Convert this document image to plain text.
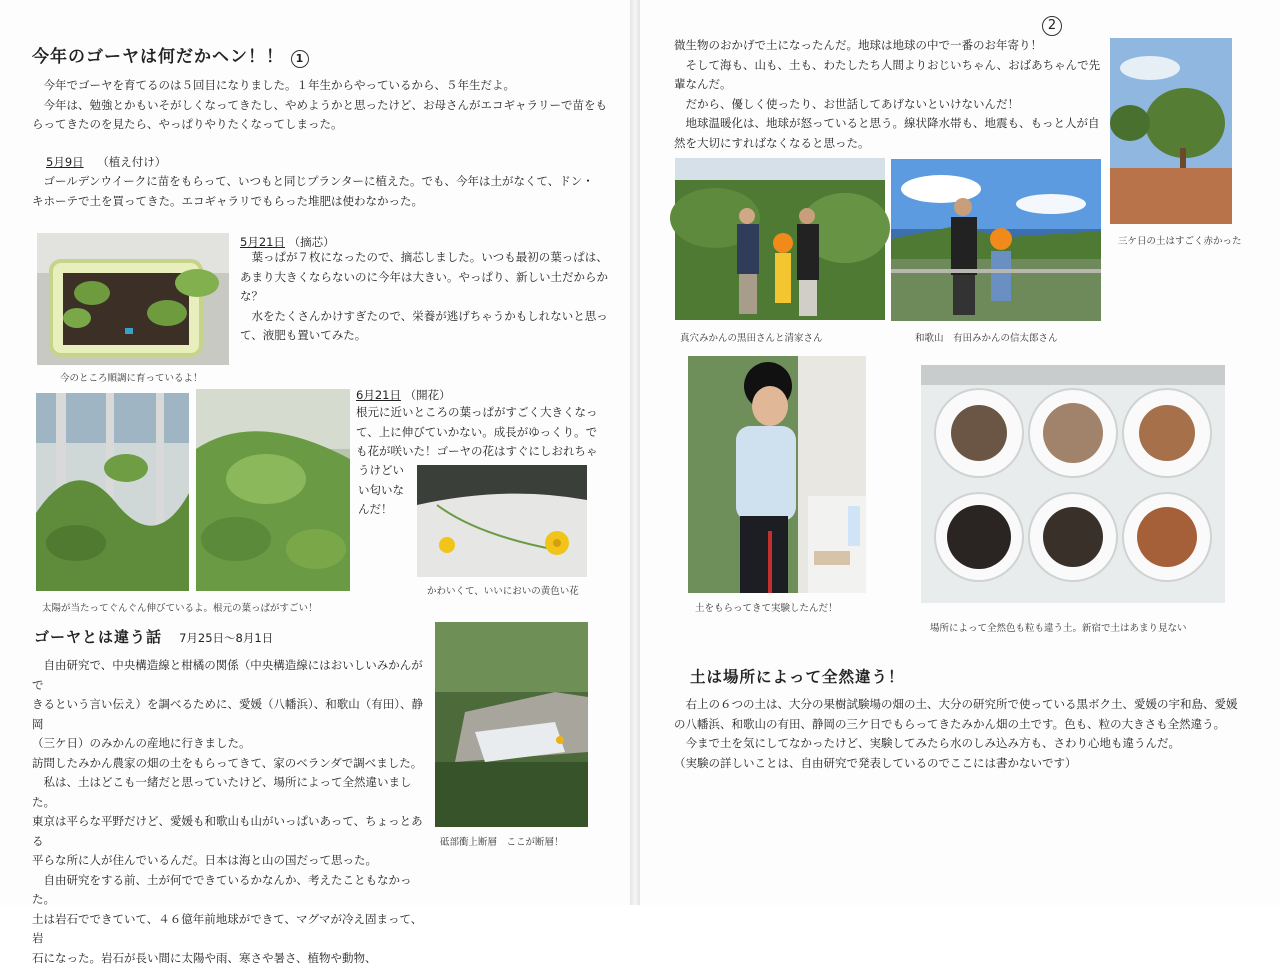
今年のゴーヤは何だかヘン！！ 1
　今年でゴーヤを育てるのは５回目になりました。１年生からやっているから、５年生だよ。
　今年は、勉強とかもいそがしくなってきたし、やめようかと思ったけど、お母さんがエコギャラリーで苗をも
らってきたのを見たら、やっぱりやりたくなってしまった。
5月9日 （植え付け）
　ゴールデンウイークに苗をもらって、いつもと同じプランターに植えた。でも、今年は土がなくて、ドン・
キホーテで土を買ってきた。エコギャラリでもらった堆肥は使わなかった。
今のところ順調に育っているよ！
5月21日 （摘芯）
　葉っぱが７枚になったので、摘芯しました。いつも最初の葉っぱは、
あまり大きくならないのに今年は大きい。やっぱり、新しい土だからか
な？
　水をたくさんかけすぎたので、栄養が逃げちゃうかもしれないと思っ
て、液肥も置いてみた。
太陽が当たってぐんぐん伸びているよ。根元の葉っぱがすごい！
6月21日 （開花）
根元に近いところの葉っぱがすごく大きくなっ
て、上に伸びていかない。成長がゆっくり。で
も花が咲いた！ゴーヤの花はすぐにしおれちゃ
うけどい
い匂いな
んだ！
かわいくて、いいにおいの黄色い花
ゴーヤとは違う話 7月25日～8月1日
　自由研究で、中央構造線と柑橘の関係（中央構造線にはおいしいみかんがで
きるという言い伝え）を調べるために、愛媛（八幡浜）、和歌山（有田）、静岡
（三ケ日）のみかんの産地に行きました。
訪問したみかん農家の畑の土をもらってきて、家のベランダで調べました。
　私は、土はどこも一緒だと思っていたけど、場所によって全然違いました。
東京は平らな平野だけど、愛媛も和歌山も山がいっぱいあって、ちょっとある
平らな所に人が住んでいるんだ。日本は海と山の国だって思った。
　自由研究をする前、土が何でできているかなんか、考えたこともなかった。
土は岩石でできていて、４６億年前地球ができて、マグマが冷え固まって、岩
石になった。岩石が長い間に太陽や雨、寒さや暑さ、植物や動物、
砥部衝上断層　ここが断層！
2
微生物のおかげで土になったんだ。地球は地球の中で一番のお年寄り！
　そして海も、山も、土も、わたしたち人間よりおじいちゃん、おばあちゃんで先
輩なんだ。
　だから、優しく使ったり、お世話してあげないといけないんだ！
　地球温暖化は、地球が怒っていると思う。線状降水帯も、地震も、もっと人が自
然を大切にすればなくなると思った。
三ケ日の土はすごく赤かった
真穴みかんの黒田さんと清家さん	和歌山　有田みかんの信太郎さん
土をもらってきて実験したんだ！
場所によって全然色も粒も違う土。新宿で土はあまり見ない
土は場所によって全然違う！
　右上の６つの土は、大分の果樹試験場の畑の土、大分の研究所で使っている黒ボク土、愛媛の宇和島、愛媛
の八幡浜、和歌山の有田、静岡の三ケ日でもらってきたみかん畑の土です。色も、粒の大きさも全然違う。
　今まで土を気にしてなかったけど、実験してみたら水のしみ込み方も、さわり心地も違うんだ。
（実験の詳しいことは、自由研究で発表しているのでここには書かないです）
